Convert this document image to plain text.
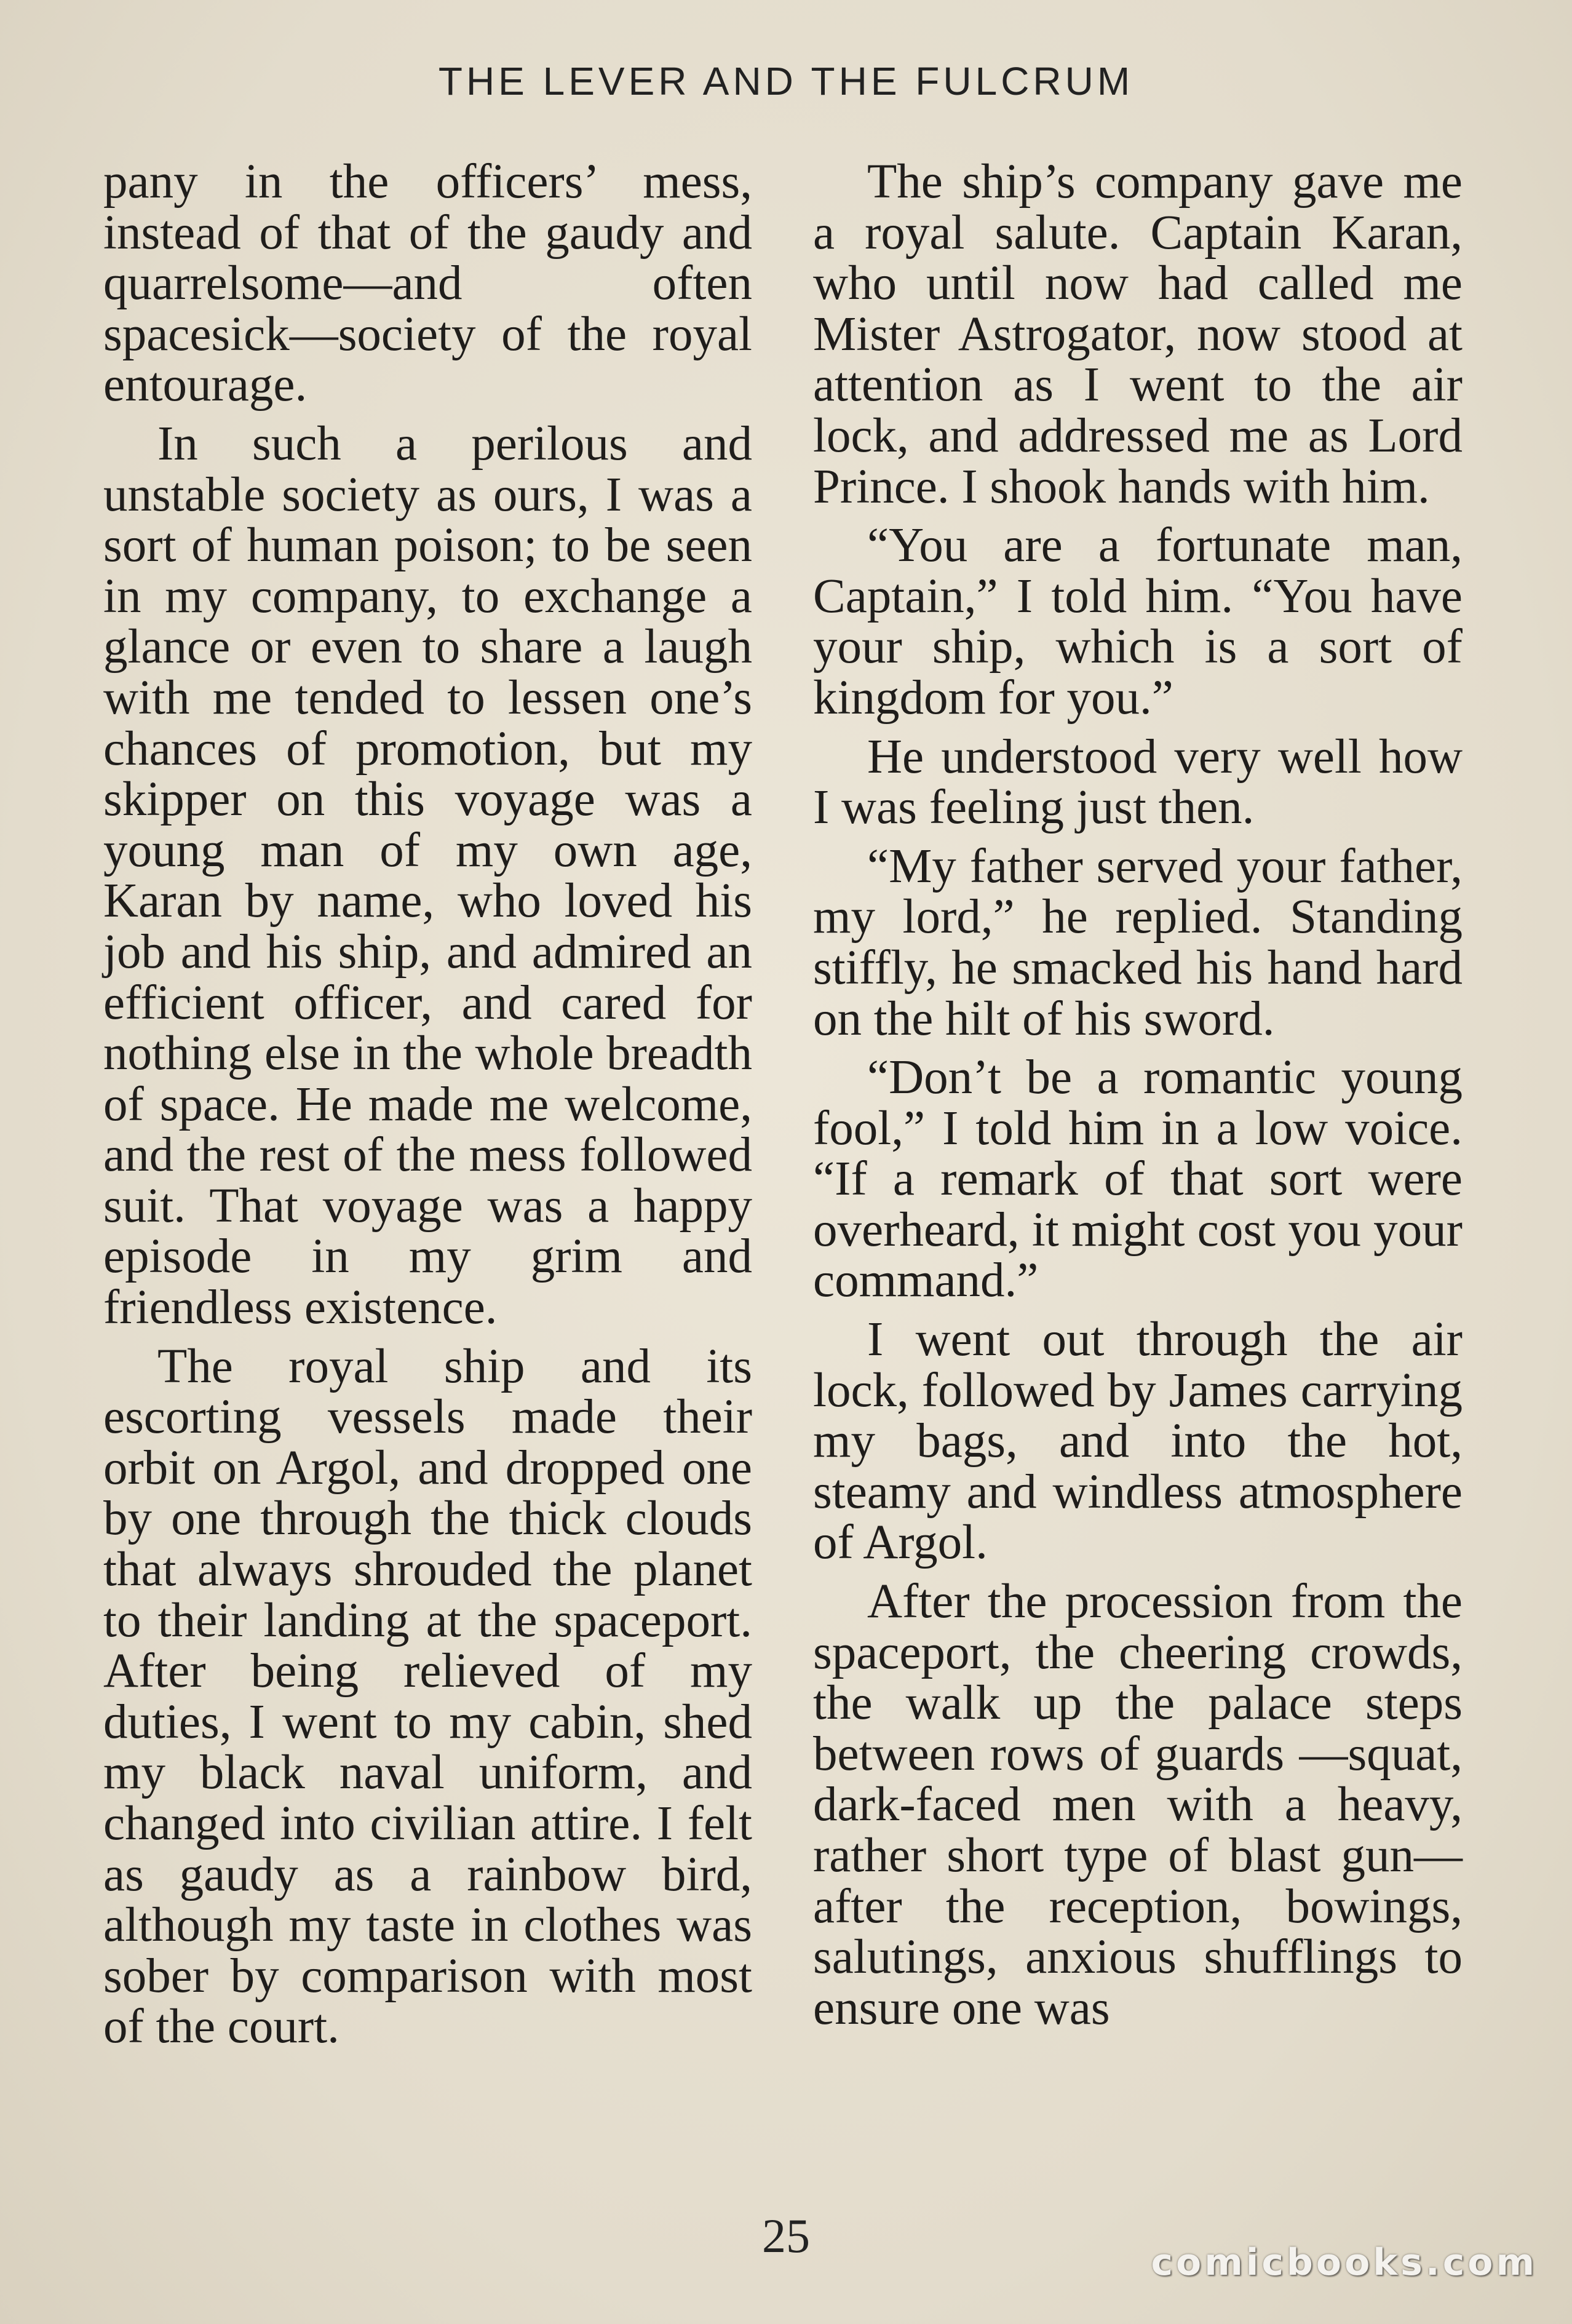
THE LEVER AND THE FULCRUM

pany in the officers’ mess, instead of that of the gaudy and quarrelsome—and often spacesick—society of the royal entourage.

In such a perilous and unstable society as ours, I was a sort of human poison; to be seen in my company, to exchange a glance or even to share a laugh with me tended to lessen one’s chances of promotion, but my skipper on this voyage was a young man of my own age, Karan by name, who loved his job and his ship, and admired an efficient officer, and cared for nothing else in the whole breadth of space. He made me welcome, and the rest of the mess followed suit. That voyage was a happy episode in my grim and friendless existence.

The royal ship and its escorting vessels made their orbit on Argol, and dropped one by one through the thick clouds that always shrouded the planet to their landing at the spaceport. After being relieved of my duties, I went to my cabin, shed my black naval uniform, and changed into civilian attire. I felt as gaudy as a rainbow bird, although my taste in clothes was sober by comparison with most of the court.

The ship’s company gave me a royal salute. Captain Karan, who until now had called me Mister Astrogator, now stood at attention as I went to the air lock, and addressed me as Lord Prince. I shook hands with him.

“You are a fortunate man, Captain,” I told him. “You have your ship, which is a sort of kingdom for you.”

He understood very well how I was feeling just then.

“My father served your father, my lord,” he replied. Standing stiffly, he smacked his hand hard on the hilt of his sword.

“Don’t be a romantic young fool,” I told him in a low voice. “If a remark of that sort were overheard, it might cost you your command.”

I went out through the air lock, followed by James carrying my bags, and into the hot, steamy and windless atmosphere of Argol.

After the procession from the spaceport, the cheering crowds, the walk up the palace steps between rows of guards —squat, dark-faced men with a heavy, rather short type of blast gun—after the reception, bowings, salutings, anxious shufflings to ensure one was

25	comicbooks.com
